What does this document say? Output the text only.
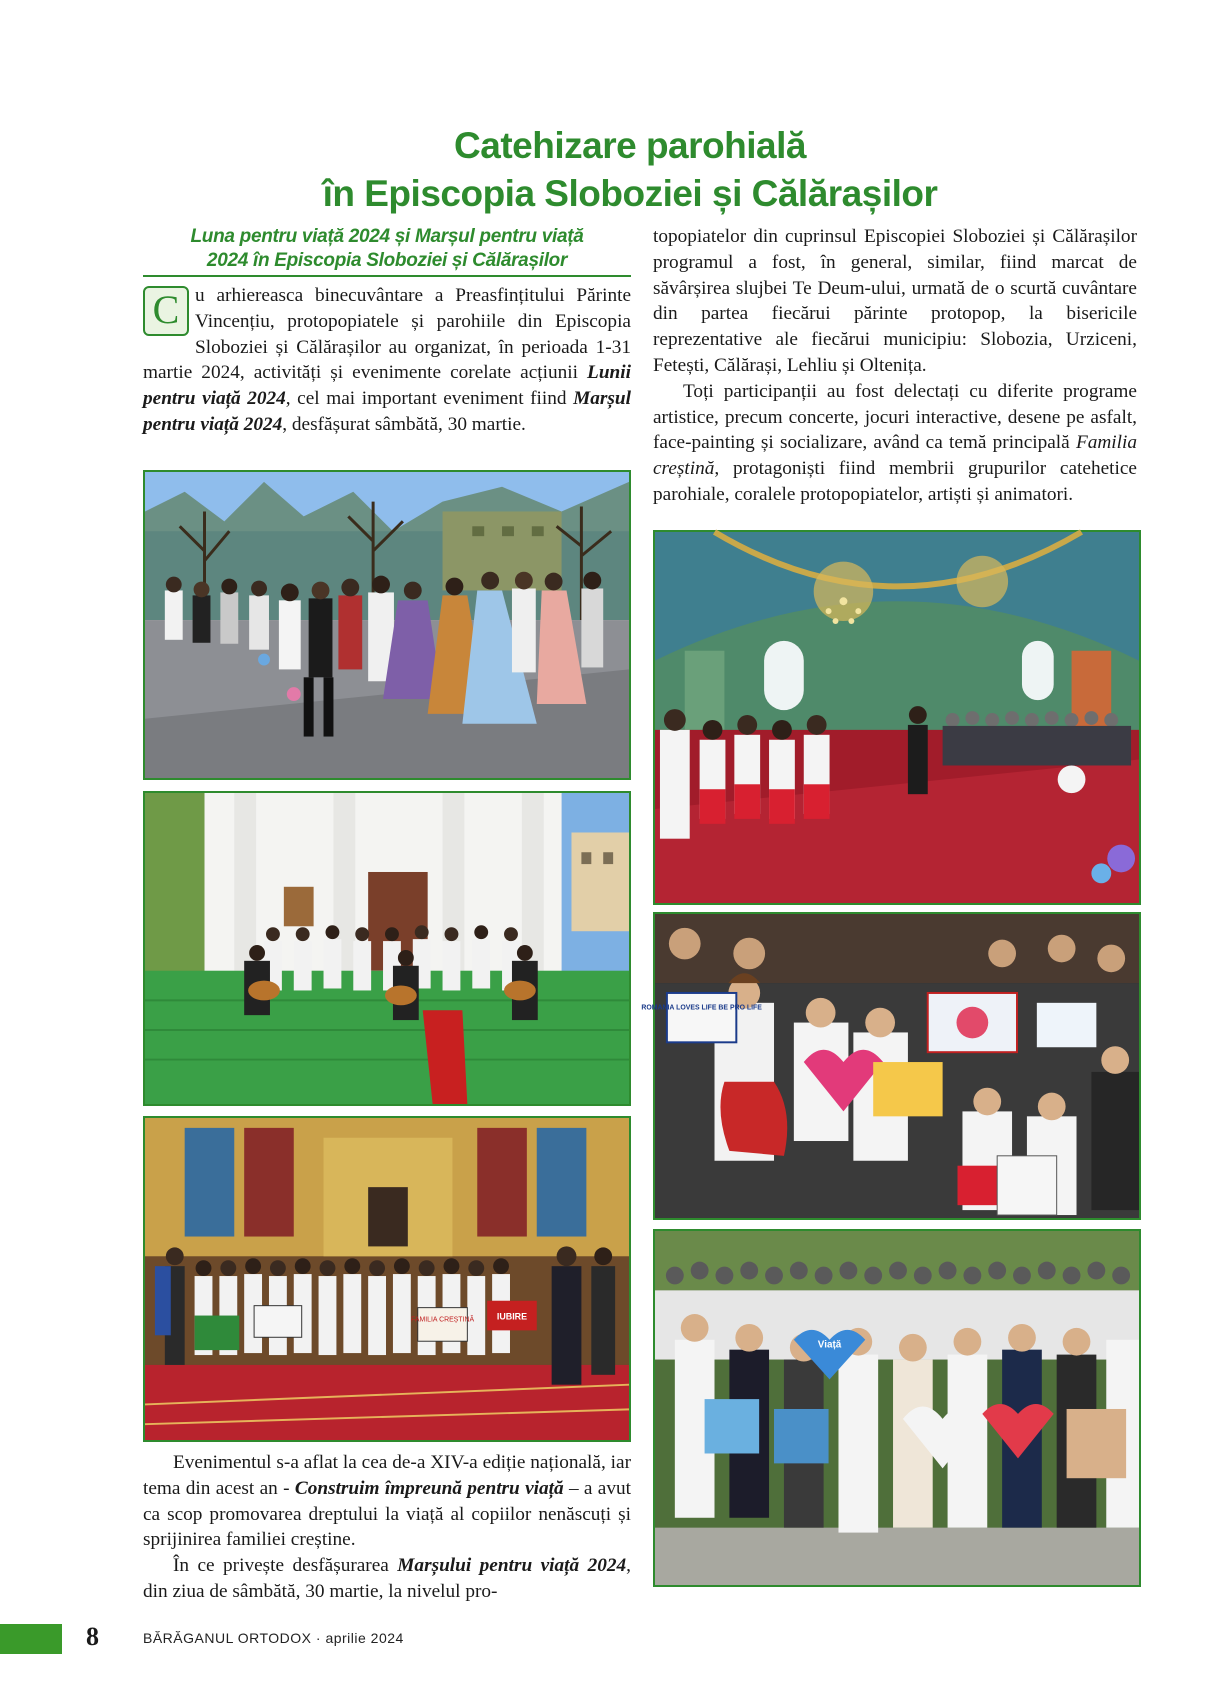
Catehizare parohială
în Episcopia Sloboziei și Călărașilor
Luna pentru viață 2024 și Marșul pentru viață
2024 în Episcopia Sloboziei și Călărașilor

C u arhiereasca binecuvântare a Preasfințitului Părinte Vincențiu, protopopiatele și parohiile din Episcopia Sloboziei și Călărașilor au organizat, în perioada 1-31 martie 2024, activități și evenimente corelate acțiunii Lunii pentru viață 2024, cel mai important eveniment fiind Marșul pentru viață 2024, desfășurat sâmbătă, 30 martie.

FAMILIA CREȘTINĂ	IUBIRE

Evenimentul s-a aflat la cea de-a XIV-a ediție națională, iar tema din acest an - Construim împreună pentru viață – a avut ca scop promovarea dreptului la viață al copiilor nenăscuți și sprijinirea familiei creștine.

În ce privește desfășurarea Marșului pentru viață 2024, din ziua de sâmbătă, 30 martie, la nivelul pro-

topopiatelor din cuprinsul Episcopiei Sloboziei și Călărașilor programul a fost, în general, similar, fiind marcat de săvârșirea slujbei Te Deum-ului, urmată de o scurtă cuvântare din partea fiecărui părinte protopop, la bisericile reprezentative ale fiecărui municipiu: Slobozia, Urziceni, Fetești, Călărași, Lehliu și Oltenița.

Toți participanții au fost delectați cu diferite programe artistice, precum concerte, jocuri interactive, desene pe asfalt, face-painting și socializare, având ca temă principală Familia creștină, protagoniști fiind membrii grupurilor catehetice parohiale, coralele protopopiatelor, artiști și animatori.

ROMANIA LOVES LIFE BE PRO LIFE
Viață
8	BĂRĂGANUL ORTODOX · aprilie 2024
